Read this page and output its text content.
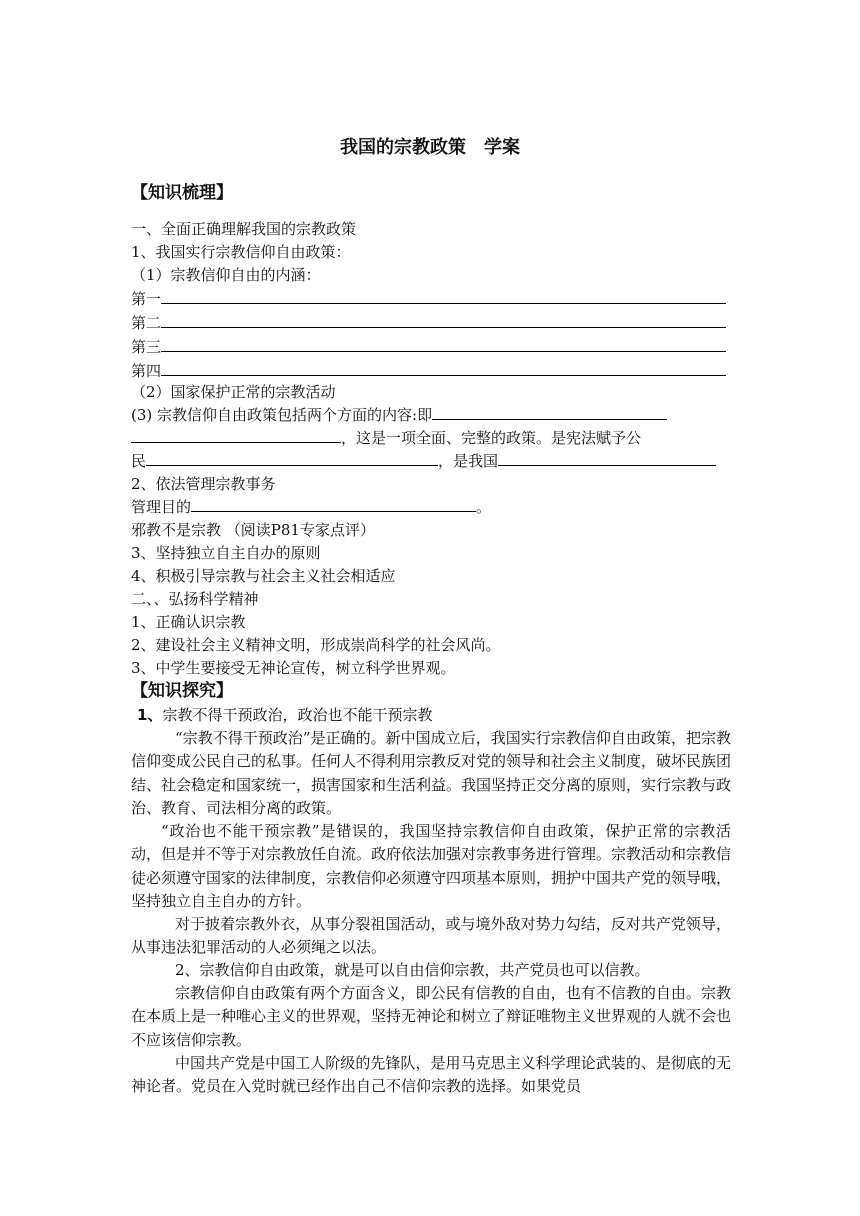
我国的宗教政策　学案
【知识梳理】
一、全面正确理解我国的宗教政策
1、我国实行宗教信仰自由政策：
（1）宗教信仰自由的内涵：
第一
第二
第三
第四
（2）国家保护正常的宗教活动
(3) 宗教信仰自由政策包括两个方面的内容:即
，这是一项全面、完整的政策。是宪法赋予公
民	，是我国
2、依法管理宗教事务
管理目的	。
邪教不是宗教 （阅读P81专家点评）
3、坚持独立自主自办的原则
4、积极引导宗教与社会主义社会相适应
二、、弘扬科学精神
1、正确认识宗教
2、建设社会主义精神文明，形成崇尚科学的社会风尚。
3、中学生要接受无神论宣传，树立科学世界观。
【知识探究】
1、宗教不得干预政治，政治也不能干预宗教
“宗教不得干预政治”是正确的。新中国成立后，我国实行宗教信仰自由政策，把宗教信仰变成公民自己的私事。任何人不得利用宗教反对党的领导和社会主义制度，破坏民族团结、社会稳定和国家统一，损害国家和生活利益。我国坚持正交分离的原则，实行宗教与政治、教育、司法相分离的政策。
“政治也不能干预宗教”是错误的，我国坚持宗教信仰自由政策，保护正常的宗教活动，但是并不等于对宗教放任自流。政府依法加强对宗教事务进行管理。宗教活动和宗教信徒必须遵守国家的法律制度，宗教信仰必须遵守四项基本原则，拥护中国共产党的领导哦，坚持独立自主自办的方针。
对于披着宗教外衣，从事分裂祖国活动，或与境外敌对势力勾结，反对共产党领导，从事违法犯罪活动的人必须绳之以法。
2、宗教信仰自由政策，就是可以自由信仰宗教，共产党员也可以信教。
宗教信仰自由政策有两个方面含义，即公民有信教的自由，也有不信教的自由。宗教在本质上是一种唯心主义的世界观，坚持无神论和树立了辩证唯物主义世界观的人就不会也不应该信仰宗教。
中国共产党是中国工人阶级的先锋队，是用马克思主义科学理论武装的、是彻底的无神论者。党员在入党时就已经作出自己不信仰宗教的选择。如果党员
